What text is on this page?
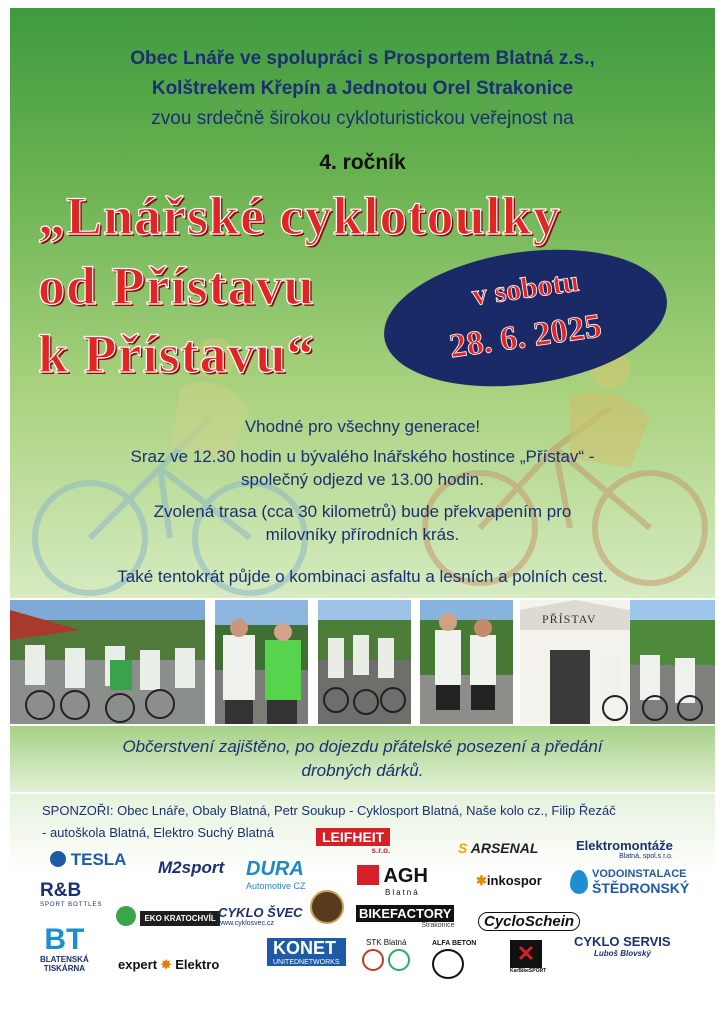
Obec Lnáře ve spolupráci s Prosportem Blatná z.s.,
Kolštrekem Křepín a Jednotou Orel Strakonice
zvou srdečně širokou cykloturistickou veřejnost na
4. ročník
„Lnářské cyklotoulky
od Přístavu
k Přístavu“
v sobotu
28. 6. 2025
Vhodné pro všechny generace!
Sraz ve 12.30 hodin u bývalého lnářského hostince „Přístav“ -
společný odjezd ve 13.00 hodin.
Zvolená trasa (cca 30 kilometrů) bude překvapením pro
milovníky přírodních krás.
Také tentokrát půjde o kombinaci asfaltu a lesních a polních cest.
PŘÍSTAV
Občerstvení zajištěno, po dojezdu přátelské posezení a předání
drobných dárků.
SPONZOŘI: Obec Lnáře, Obaly Blatná, Petr Soukup - Cyklosport Blatná, Naše kolo cz., Filip Řezáč
- autoškola Blatná, Elektro Suchý Blatná
TESLA M2sport DURA
Automotive CZ
LEIFHEIT
s.r.o.
AGH
Blatná
S ARSENAL	Elektromontáže
Blatná, spol.s r.o.
R&B
SPORT BOTTLES
✱inkospor	VODOINSTALACE
ŠTĚDRONSKÝ
EKO KRATOCHVÍL CYKLO ŠVEC
www.cyklosvec.cz
BIKEFACTORY
Strakonice	CycloSchein
CYKLO SERVIS
Luboš Blovský
BT
BLATENSKÁ
TISKÁRNA	expert ✸ Elektro
KONET
UNITEDNETWORKS
STK Blatná
	ALFA BETON	✕
KarBikeSPORT
